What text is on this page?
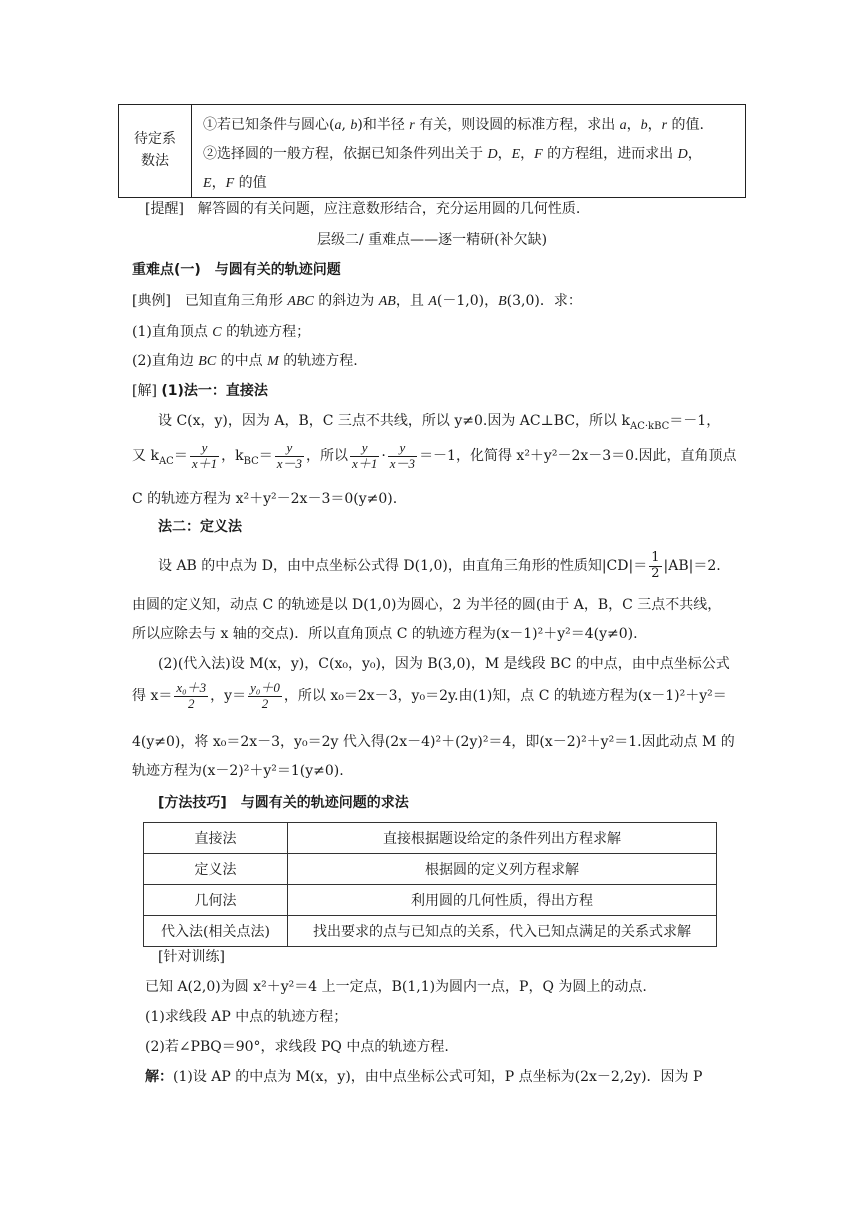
待定系
数法
①若已知条件与圆心(a, b)和半径 r 有关，则设圆的标准方程，求出 a，b，r 的值.
②选择圆的一般方程，依据已知条件列出关于 D，E，F 的方程组，进而求出 D，
E，F 的值
[提醒]　解答圆的有关问题，应注意数形结合，充分运用圆的几何性质.
层级二/ 重难点——逐一精研(补欠缺)
重难点(一)　与圆有关的轨迹问题
[典例]　已知直角三角形 ABC 的斜边为 AB，且 A(－1,0)，B(3,0)．求：
(1)直角顶点 C 的轨迹方程；
(2)直角边 BC 的中点 M 的轨迹方程.
[解] (1)法一：直接法
设 C(x，y)，因为 A，B，C 三点不共线，所以 y≠0.因为 AC⊥BC，所以 $k_{AC\cdot kBC}=-1$，
又 $k_{AC}= \frac{y}{x+1}$ ，$k_{BC}= \frac{y}{x-3}$ ，所以 $\frac{y}{x+1} \cdot \frac{y}{x-3} =-1$，化简得 x²＋y²－2x－3＝0.因此，直角顶点
C 的轨迹方程为 x²＋y²－2x－3＝0(y≠0).
法二：定义法
设 AB 的中点为 D，由中点坐标公式得 D(1,0)，由直角三角形的性质知$|CD|= \frac{1}{2} |AB|=2$.
由圆的定义知，动点 C 的轨迹是以 D(1,0)为圆心，2 为半径的圆(由于 A，B，C 三点不共线，
所以应除去与 x 轴的交点)．所以直角顶点 C 的轨迹方程为(x－1)²＋y²＝4(y≠0).
(2)(代入法)设 M(x，y)，C(x₀，y₀)，因为 B(3,0)，M 是线段 BC 的中点，由中点坐标公式
得 $x= \frac{\text{x₀＋3}}{2}$ ，$y= \frac{\text{y₀＋0}}{2}$ ，所以 x₀＝2x－3，y₀＝2y.由(1)知，点 C 的轨迹方程为(x－1)²＋y²＝
4(y≠0)，将 x₀＝2x－3，y₀＝2y 代入得(2x－4)²＋(2y)²＝4，即(x－2)²＋y²＝1.因此动点 M 的
轨迹方程为(x－2)²＋y²＝1(y≠0).
[方法技巧]　与圆有关的轨迹问题的求法
直接法	直接根据题设给定的条件列出方程求解
定义法	根据圆的定义列方程求解
几何法	利用圆的几何性质，得出方程
代入法(相关点法)	找出要求的点与已知点的关系，代入已知点满足的关系式求解
[针对训练]
已知 A(2,0)为圆 x²＋y²＝4 上一定点，B(1,1)为圆内一点，P，Q 为圆上的动点.
(1)求线段 AP 中点的轨迹方程；
(2)若∠PBQ＝90°，求线段 PQ 中点的轨迹方程.
解：(1)设 AP 的中点为 M(x，y)，由中点坐标公式可知，P 点坐标为(2x－2,2y)．因为 P
